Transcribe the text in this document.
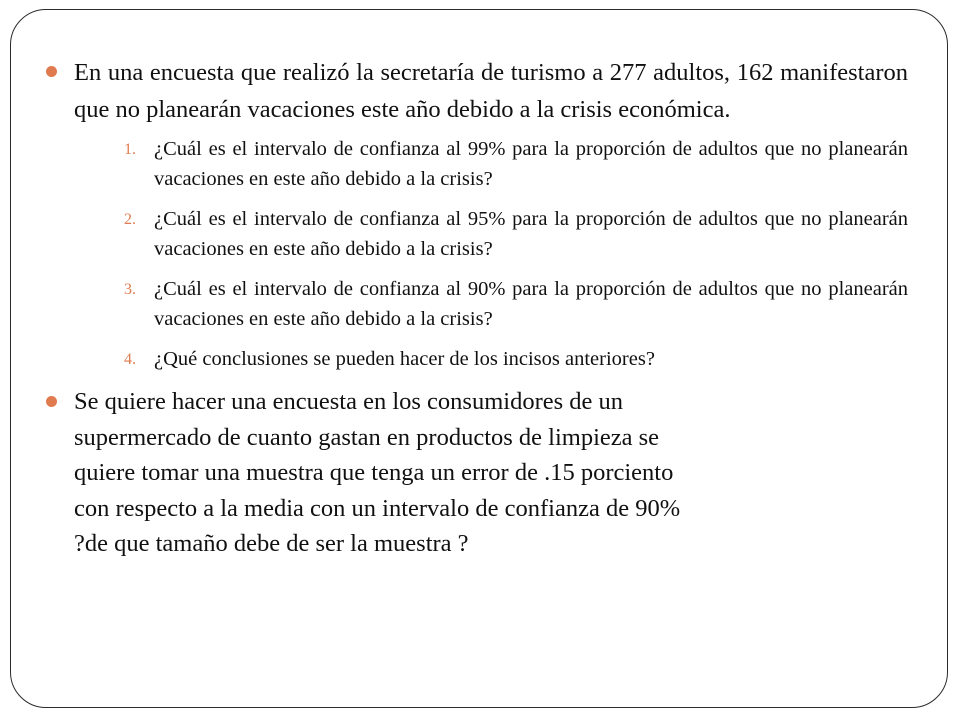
En una encuesta que realizó la secretaría de turismo a 277 adultos, 162 manifestaron que no planearán vacaciones este año debido a la crisis económica.

1. ¿Cuál es el intervalo de confianza al 99% para la proporción de adultos que no planearán vacaciones en este año debido a la crisis?
2. ¿Cuál es el intervalo de confianza al 95% para la proporción de adultos que no planearán vacaciones en este año debido a la crisis?
3. ¿Cuál es el intervalo de confianza al 90% para la proporción de adultos que no planearán vacaciones en este año debido a la crisis?
4. ¿Qué conclusiones se pueden hacer de los incisos anteriores?

Se quiere hacer una encuesta en los consumidores de un
supermercado de cuanto gastan en productos de limpieza se
quiere tomar una muestra que tenga un error de .15 porciento
con respecto a la media con un intervalo de confianza de 90%
?de que tamaño debe de ser la muestra ?
